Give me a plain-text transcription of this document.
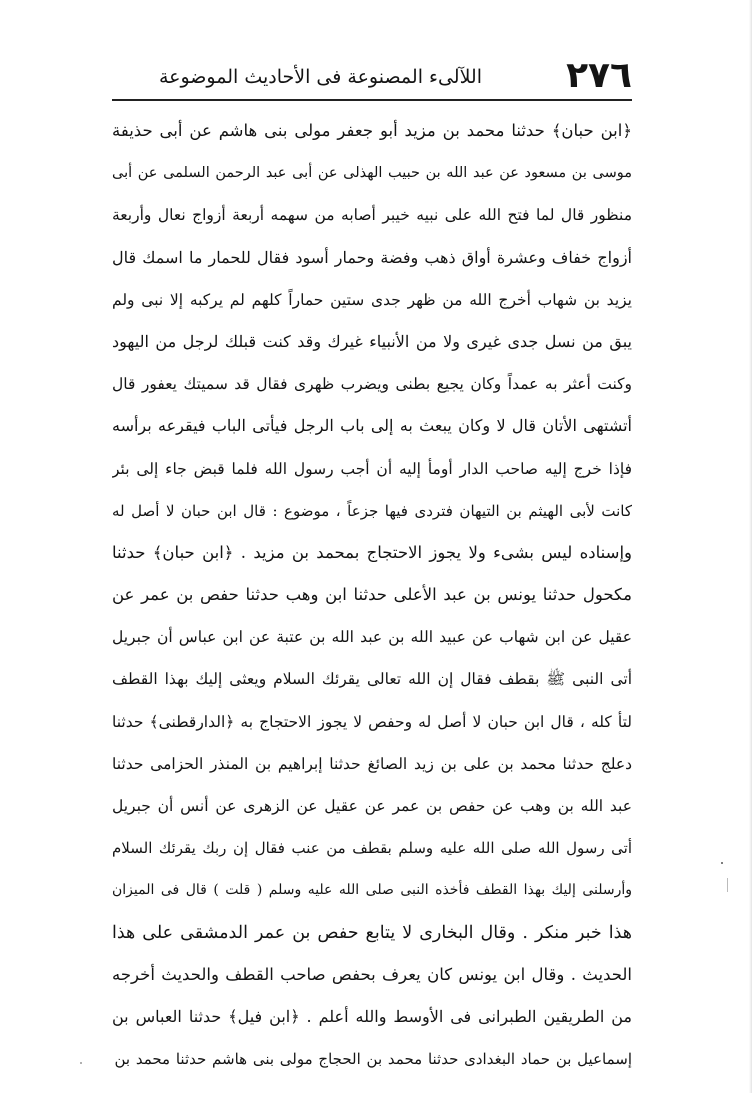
٢٧٦
اللآلىء المصنوعة فى الأحاديث الموضوعة
﴿ابن حبان﴾ حدثنا محمد بن مزيد أبو جعفر مولى بنى هاشم عن أبى حذيفة
موسى بن مسعود عن عبد الله بن حبيب الهذلى عن أبى عبد الرحمن السلمى عن أبى
منظور قال لما فتح الله على نبيه خيبر أصابه من سهمه أربعة أزواج نعال وأربعة
أزواج خفاف وعشرة أواق ذهب وفضة وحمار أسود فقال للحمار ما اسمك قال
يزيد بن شهاب أخرج الله من ظهر جدى ستين حماراً كلهم لم يركبه إلا نبى ولم
يبق من نسل جدى غيرى ولا من الأنبياء غيرك وقد كنت قبلك لرجل من اليهود
وكنت أعثر به عمداً وكان يجيع بطنى ويضرب ظهرى فقال قد سميتك يعفور قال
أتشتهى الأتان قال لا وكان يبعث به إلى باب الرجل فيأتى الباب فيقرعه برأسه
فإذا خرج إليه صاحب الدار أومأ إليه أن أجب رسول الله فلما قبض جاء إلى بئر
كانت لأبى الهيثم بن التيهان فتردى فيها جزعاً ، موضوع : قال ابن حبان لا أصل له
وإسناده ليس بشىء ولا يجوز الاحتجاج بمحمد بن مزيد . ﴿ابن حبان﴾ حدثنا
مكحول حدثنا يونس بن عبد الأعلى حدثنا ابن وهب حدثنا حفص بن عمر عن
عقيل عن ابن شهاب عن عبيد الله بن عبد الله بن عتبة عن ابن عباس أن جبريل
أتى النبى ﷺ بقطف فقال إن الله تعالى يقرئك السلام ويعثى إليك بهذا القطف
لتأ كله ، قال ابن حبان لا أصل له وحفص لا يجوز الاحتجاج به ﴿الدارقطنى﴾ حدثنا
دعلج حدثنا محمد بن على بن زيد الصائغ حدثنا إبراهيم بن المنذر الحزامى حدثنا
عبد الله بن وهب عن حفص بن عمر عن عقيل عن الزهرى عن أنس أن جبريل
أتى رسول الله صلى الله عليه وسلم بقطف من عنب فقال إن ربك يقرئك السلام
وأرسلنى إليك بهذا القطف فأخذه النبى صلى الله عليه وسلم ( قلت ) قال فى الميزان
هذا خبر منكر . وقال البخارى لا يتابع حفص بن عمر الدمشقى على هذا
الحديث . وقال ابن يونس كان يعرف بحفص صاحب القطف والحديث أخرجه
من الطريقين الطبرانى فى الأوسط والله أعلم . ﴿ابن فيل﴾ حدثنا العباس بن
إسماعيل بن حماد البغدادى حدثنا محمد بن الحجاج مولى بنى هاشم حدثنا محمد بن
